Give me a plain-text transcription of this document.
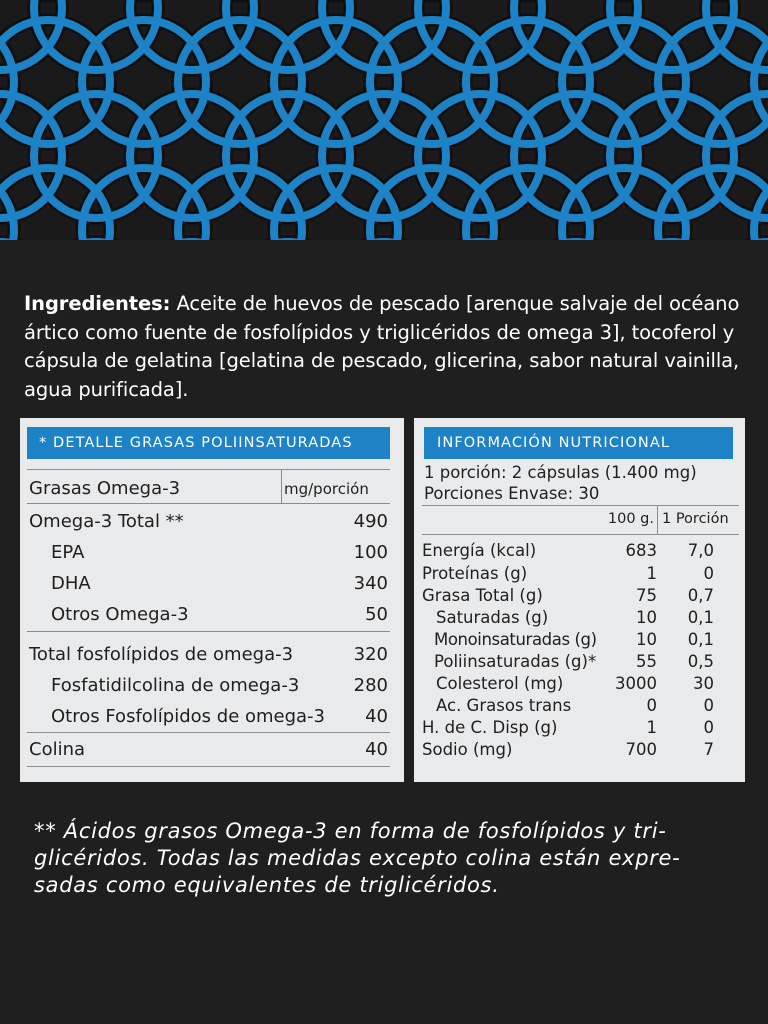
Ingredientes: Aceite de huevos de pescado [arenque salvaje del océano ártico como fuente de fosfolípidos y triglicéridos de omega 3], tocoferol y cápsula de gelatina [gelatina de pescado, glicerina, sabor natural vainilla, agua purificada].
* DETALLE GRASAS POLIINSATURADAS
Grasas Omega-3	mg/porción
Omega-3 Total **	490
EPA	100
DHA	340
Otros Omega-3	50
Total fosfolípidos de omega-3	320
Fosfatidilcolina de omega-3	280
Otros Fosfolípidos de omega-3	40
Colina	40
INFORMACIÓN NUTRICIONAL
1 porción: 2 cápsulas (1.400 mg)
Porciones Envase: 30
100 g. 1 Porción
Energía (kcal)	683	7,0
Proteínas (g)	1	0
Grasa Total (g)	75	0,7
Saturadas (g)	10	0,1
Monoinsaturadas (g)	10	0,1
Poliinsaturadas (g)*	55	0,5
Colesterol (mg)	3000	30
Ac. Grasos trans	0	0
H. de C. Disp (g)	1	0
Sodio (mg)	700	7
** Ácidos grasos Omega-3 en forma de fosfolípidos y tri-
glicéridos. Todas las medidas excepto colina están expre-
sadas como equivalentes de triglicéridos.
